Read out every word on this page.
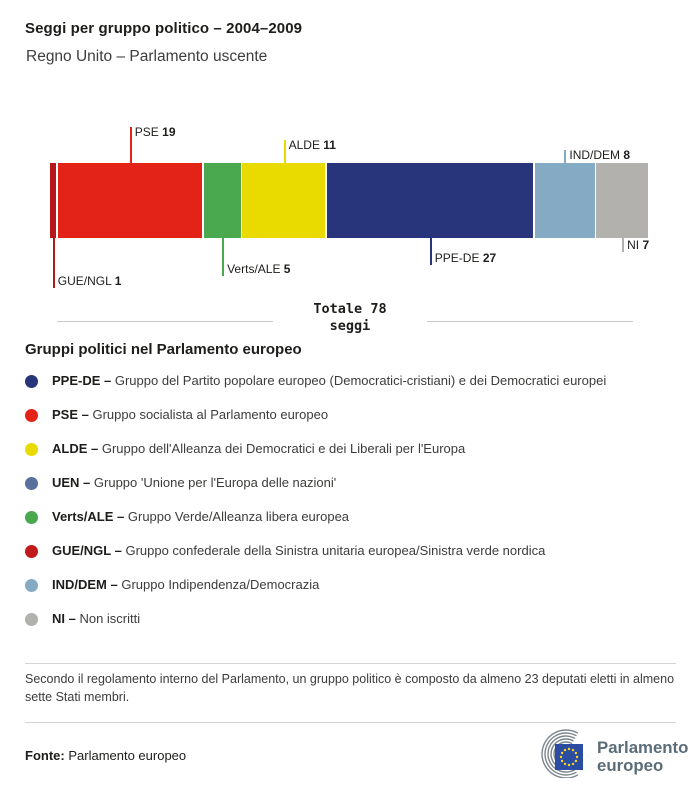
Seggi per gruppo politico – 2004–2009
Regno Unito – Parlamento uscente
GUE/NGL 1
PSE 19
Verts/ALE 5
ALDE 11
PPE-DE 27
IND/DEM 8
NI 7
Totale 78
seggi
Gruppi politici nel Parlamento europeo
PPE-DE – Gruppo del Partito popolare europeo (Democratici-cristiani) e dei Democratici europei
PSE – Gruppo socialista al Parlamento europeo
ALDE – Gruppo dell'Alleanza dei Democratici e dei Liberali per l'Europa
UEN – Gruppo 'Unione per l'Europa delle nazioni'
Verts/ALE – Gruppo Verde/Alleanza libera europea
GUE/NGL – Gruppo confederale della Sinistra unitaria europea/Sinistra verde nordica
IND/DEM – Gruppo Indipendenza/Democrazia
NI – Non iscritti
Secondo il regolamento interno del Parlamento, un gruppo politico è composto da almeno 23 deputati eletti in almeno sette Stati membri.
Fonte: Parlamento europeo	Parlamento
europeo
